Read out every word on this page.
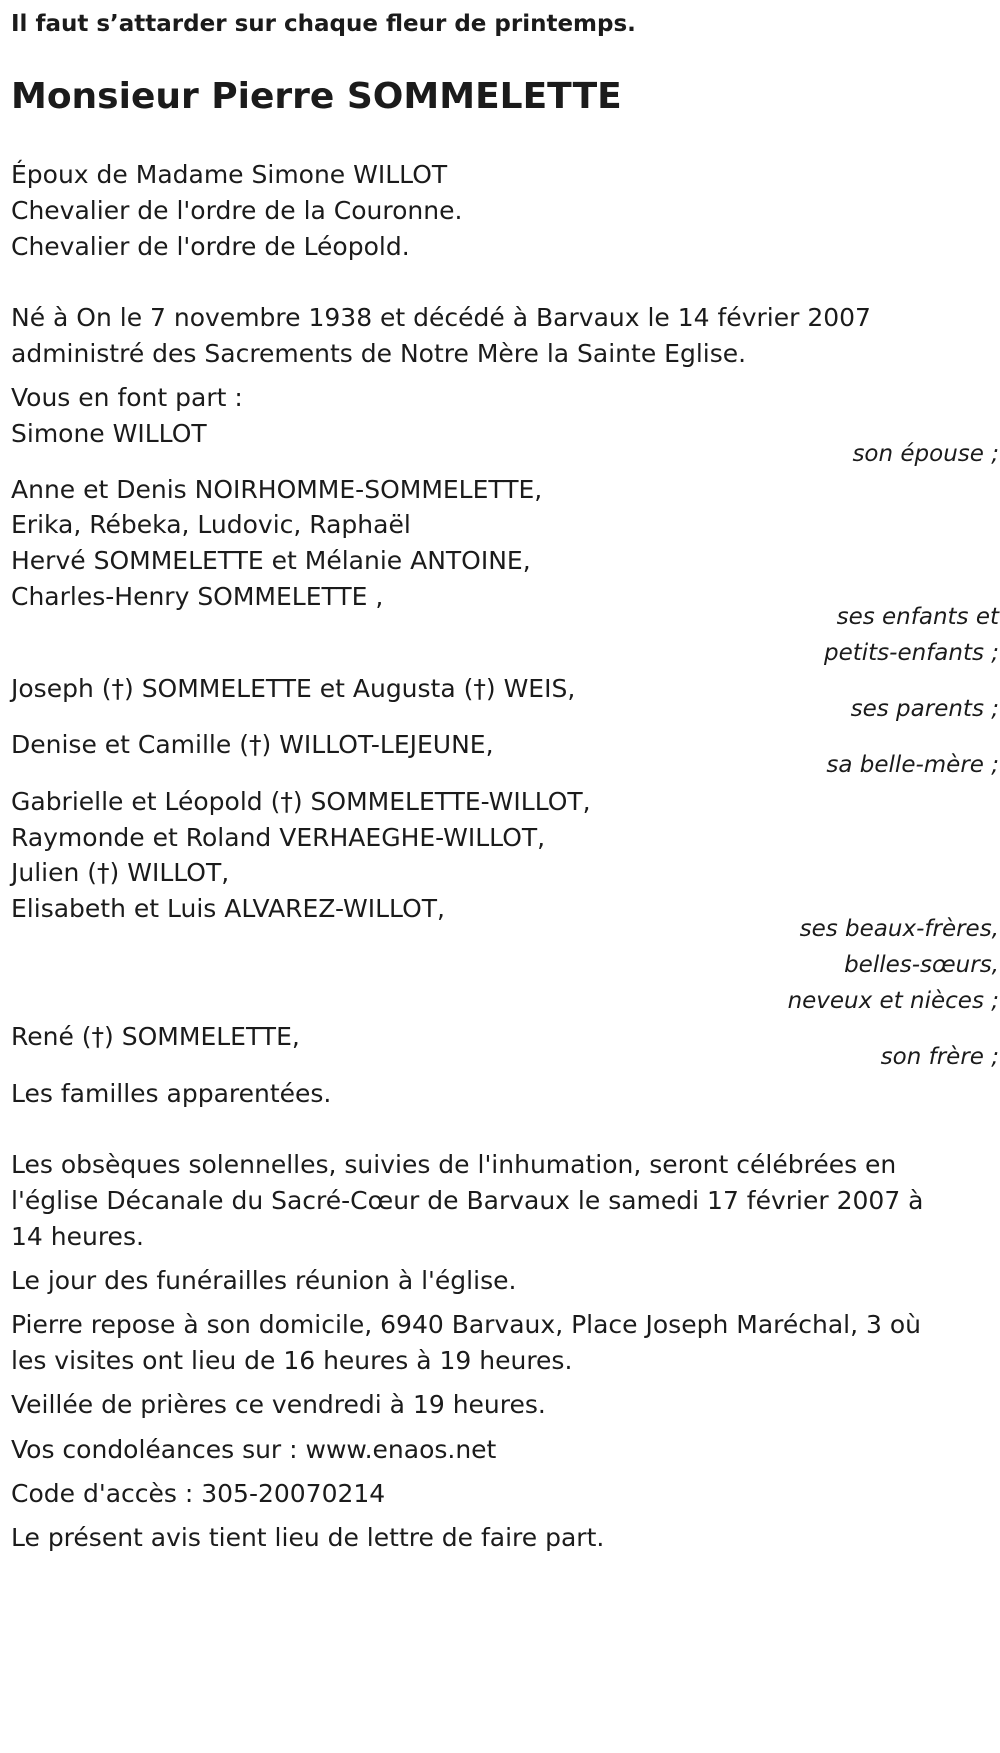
Il faut s’attarder sur chaque fleur de printemps.

Monsieur Pierre SOMMELETTE

Époux de Madame Simone WILLOT

Chevalier de l'ordre de la Couronne.

Chevalier de l'ordre de Léopold.

Né à On le 7 novembre 1938 et décédé à Barvaux le 14 février 2007

administré des Sacrements de Notre Mère la Sainte Eglise.

Vous en font part :

Simone WILLOT

son épouse ;

Anne et Denis NOIRHOMME-SOMMELETTE,

Erika, Rébeka, Ludovic, Raphaël

Hervé SOMMELETTE et Mélanie ANTOINE,

Charles-Henry SOMMELETTE ,

ses enfants et

petits-enfants ;

Joseph (†) SOMMELETTE et Augusta (†) WEIS,

ses parents ;

Denise et Camille (†) WILLOT-LEJEUNE,

sa belle-mère ;

Gabrielle et Léopold (†) SOMMELETTE-WILLOT,

Raymonde et Roland VERHAEGHE-WILLOT,

Julien (†) WILLOT,

Elisabeth et Luis ALVAREZ-WILLOT,

ses beaux-frères,

belles-sœurs,

neveux et nièces ;

René (†) SOMMELETTE,

son frère ;

Les familles apparentées.

Les obsèques solennelles, suivies de l'inhumation, seront célébrées en

l'église Décanale du Sacré-Cœur de Barvaux le samedi 17 février 2007 à

14 heures.

Le jour des funérailles réunion à l'église.

Pierre repose à son domicile, 6940 Barvaux, Place Joseph Maréchal, 3 où

les visites ont lieu de 16 heures à 19 heures.

Veillée de prières ce vendredi à 19 heures.

Vos condoléances sur : www.enaos.net

Code d'accès : 305-20070214

Le présent avis tient lieu de lettre de faire part.
